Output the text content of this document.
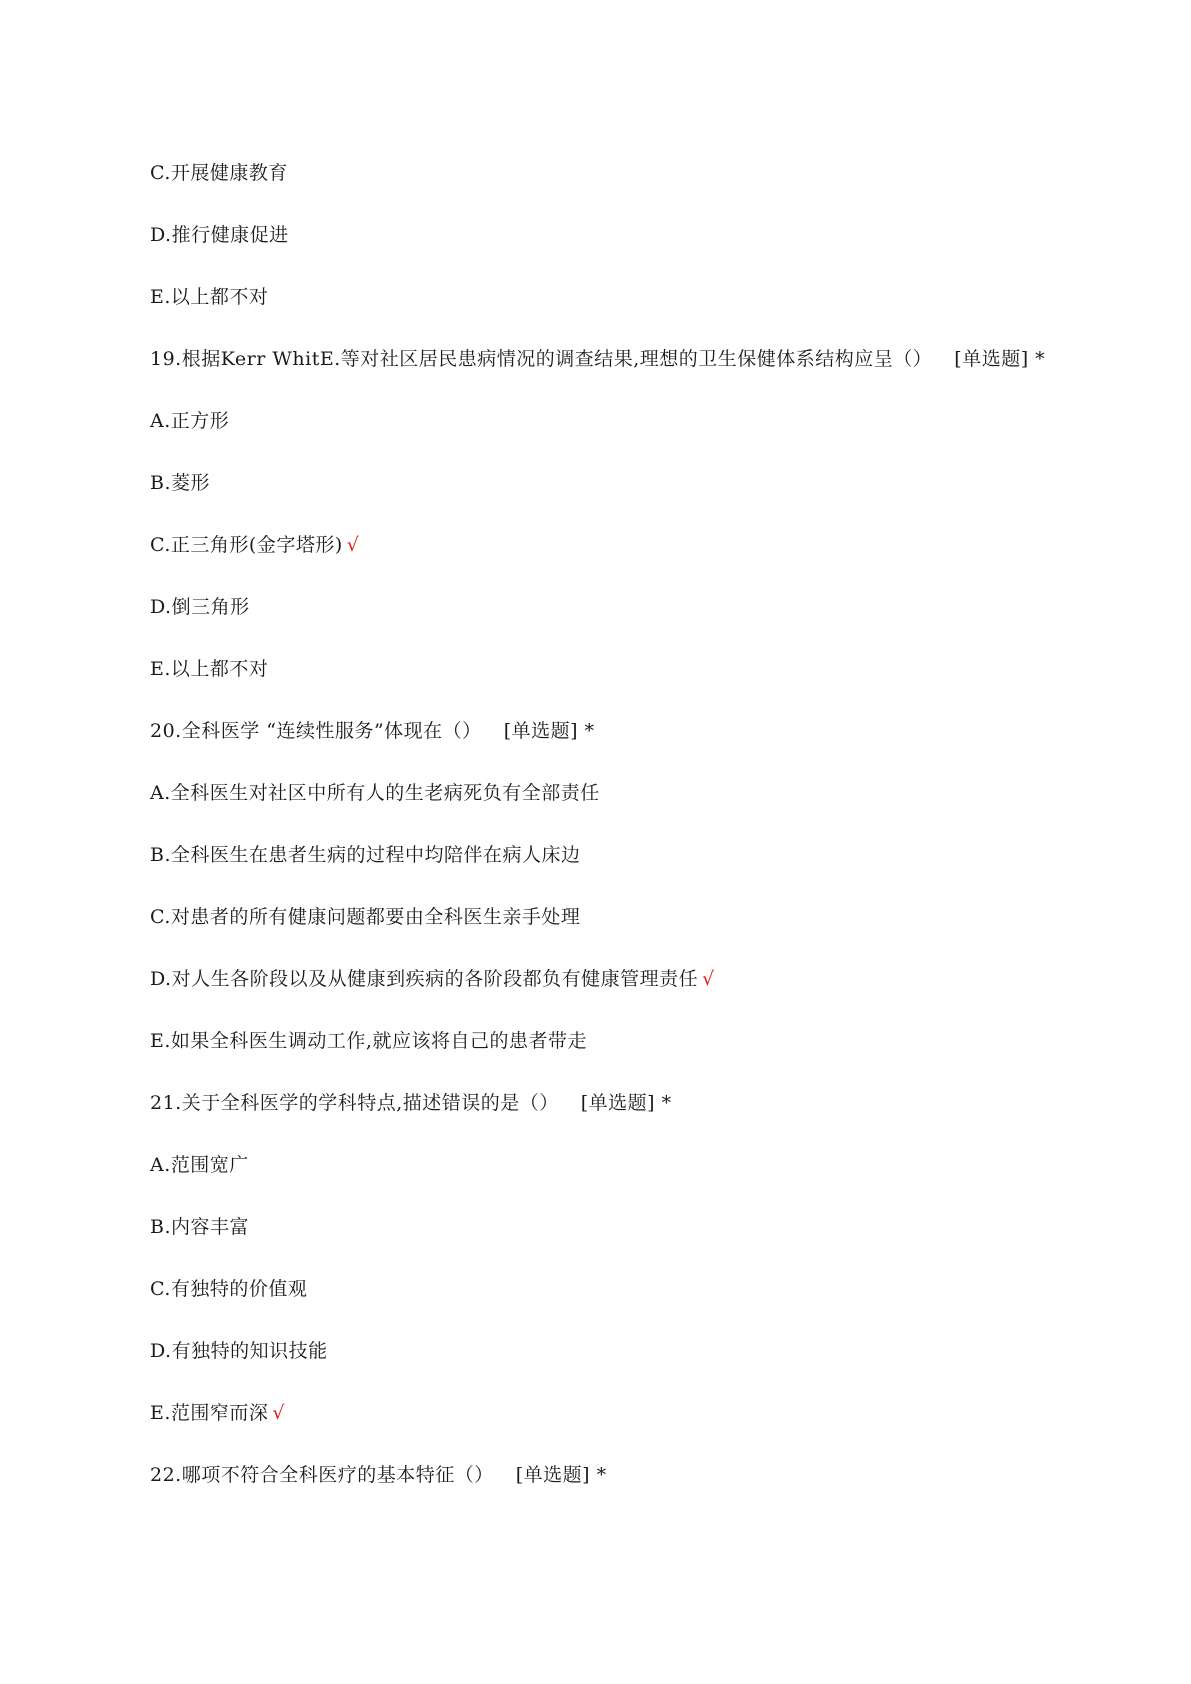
C.开展健康教育
D.推行健康促进
E.以上都不对
19.根据Kerr WhitE.等对社区居民患病情况的调查结果,理想的卫生保健体系结构应呈（） [单选题] *
A.正方形
B.菱形
C.正三角形(金字塔形) √
D.倒三角形
E.以上都不对
20.全科医学 “连续性服务”体现在（） [单选题] *
A.全科医生对社区中所有人的生老病死负有全部责任
B.全科医生在患者生病的过程中均陪伴在病人床边
C.对患者的所有健康问题都要由全科医生亲手处理
D.对人生各阶段以及从健康到疾病的各阶段都负有健康管理责任 √
E.如果全科医生调动工作,就应该将自己的患者带走
21.关于全科医学的学科特点,描述错误的是（） [单选题] *
A.范围宽广
B.内容丰富
C.有独特的价值观
D.有独特的知识技能
E.范围窄而深 √
22.哪项不符合全科医疗的基本特征（） [单选题] *
